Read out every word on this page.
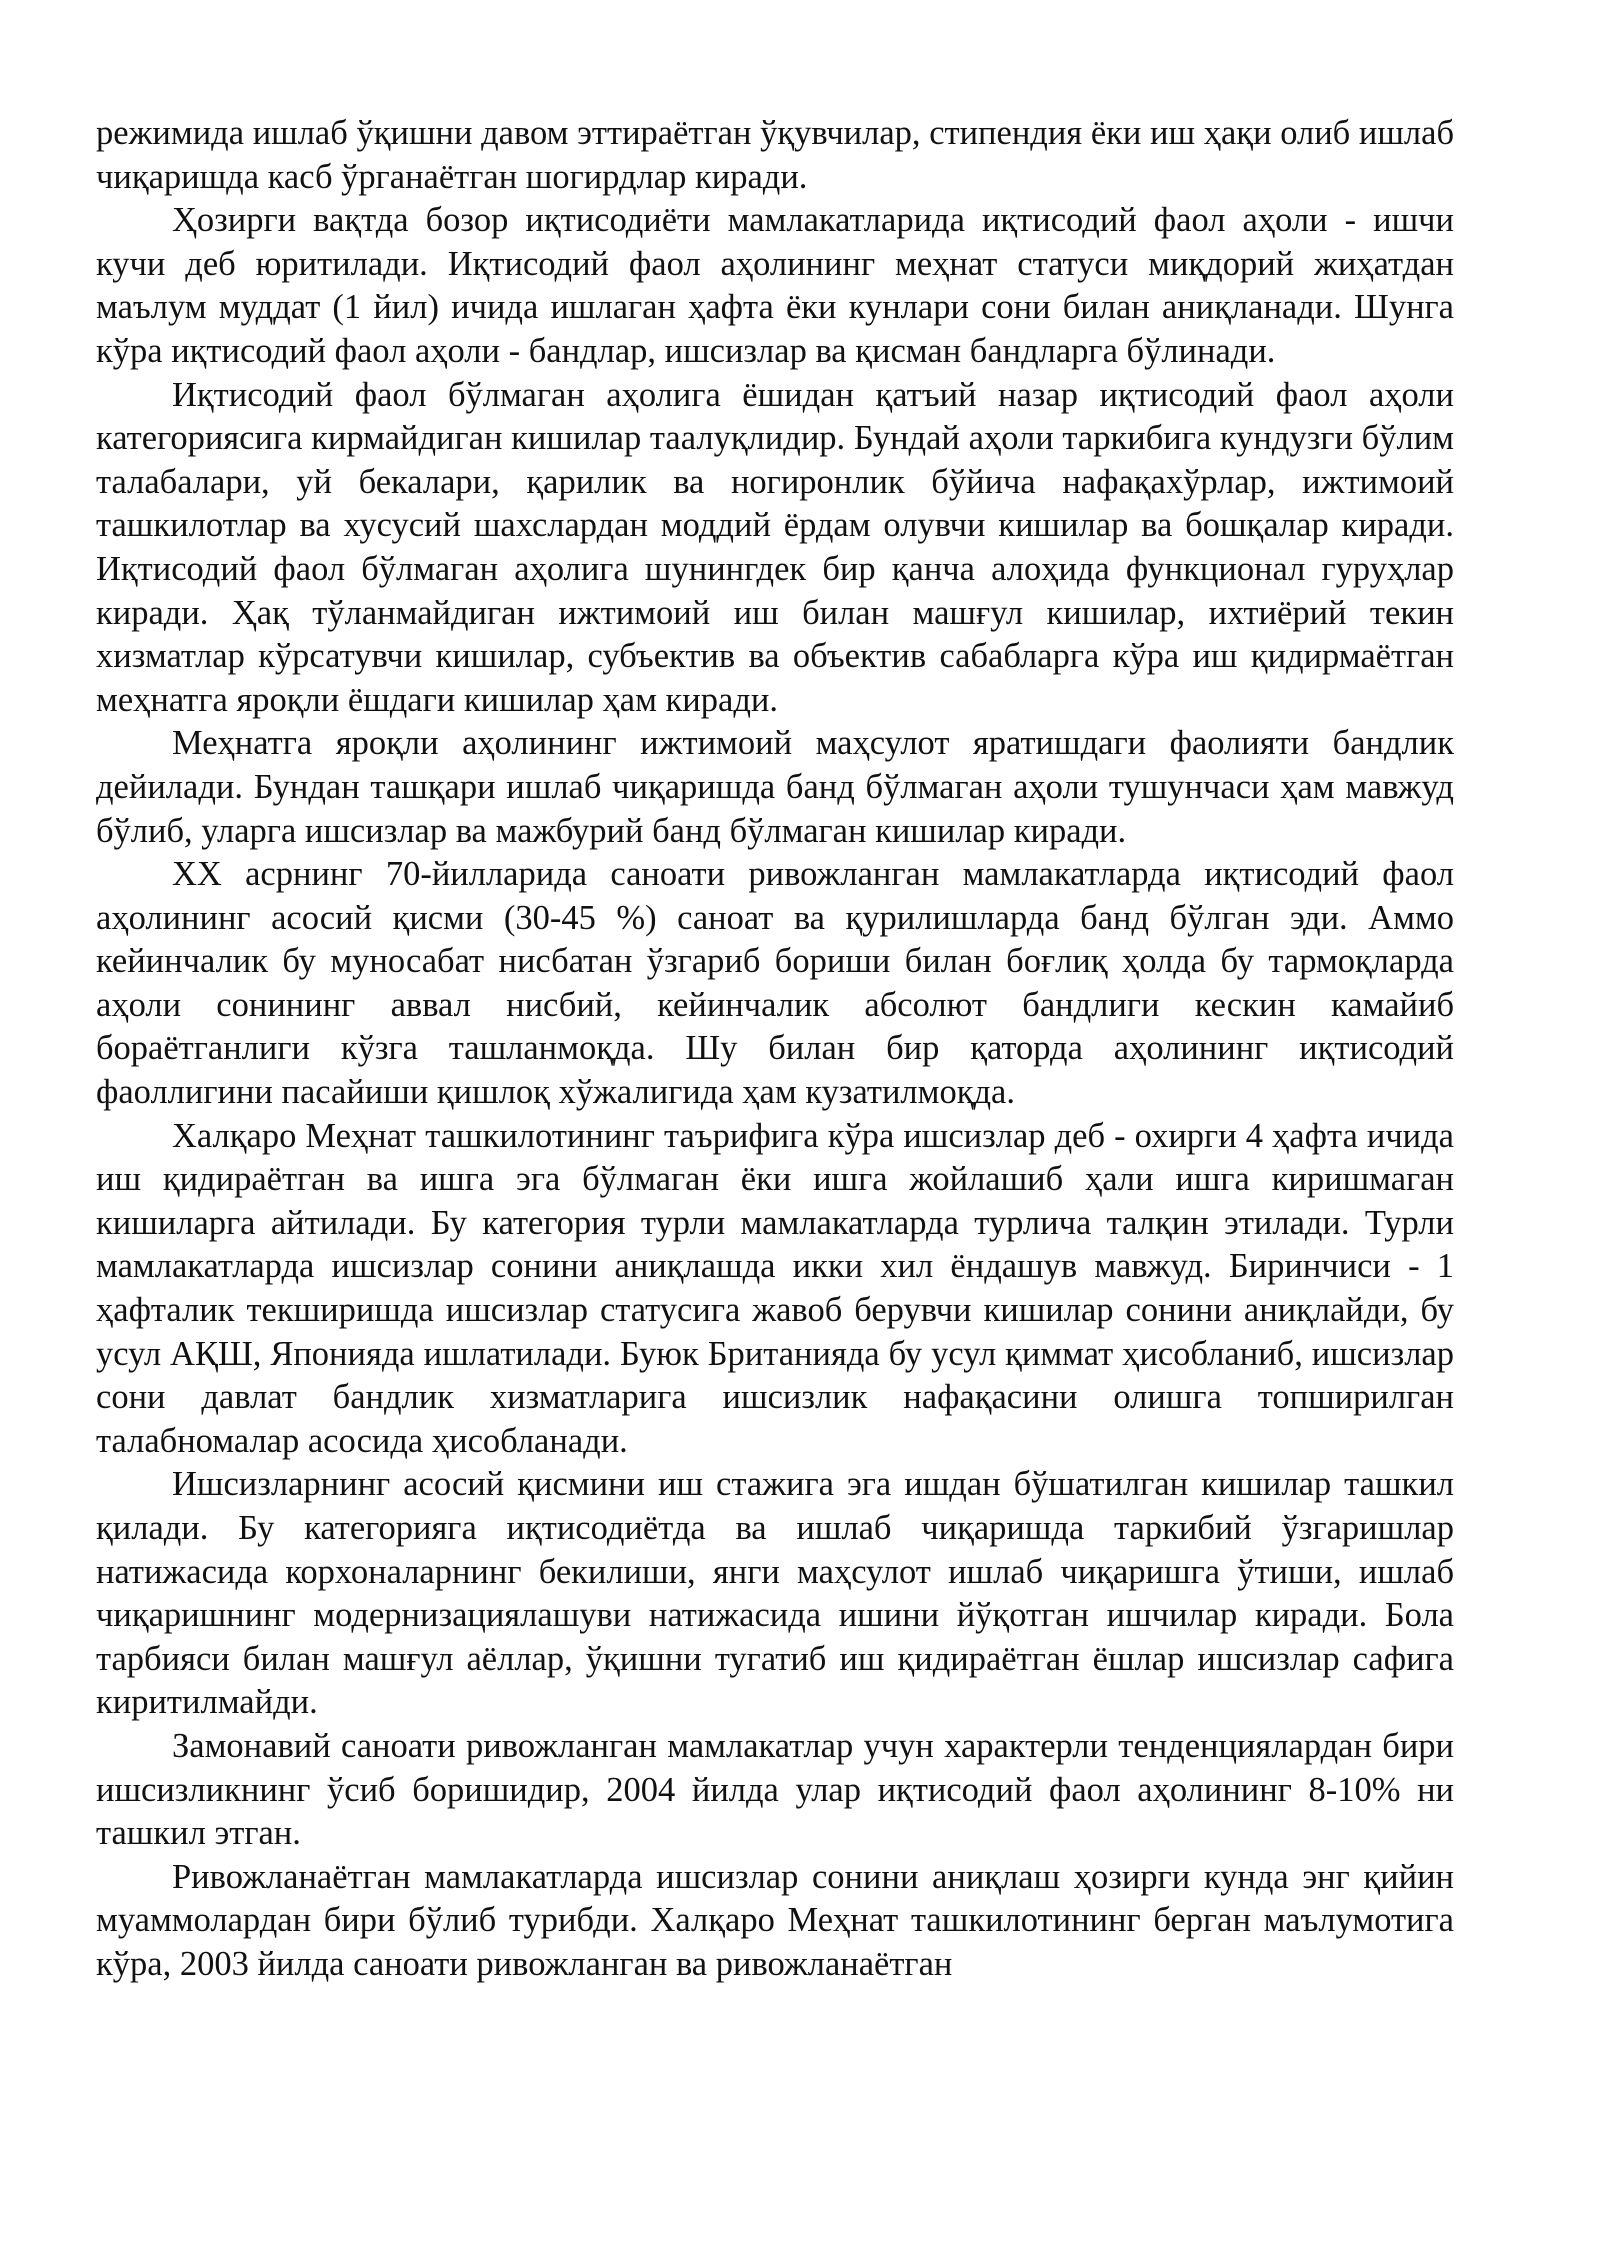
режимида ишлаб ўқишни давом эттираётган ўқувчилар, стипендия ёки иш ҳақи олиб ишлаб чиқаришда касб ўрганаётган шогирдлар киради.

Ҳозирги вақтда бозор иқтисодиёти мамлакатларида иқтисодий фаол аҳоли - ишчи кучи деб юритилади. Иқтисодий фаол аҳолининг меҳнат статуси миқдорий жиҳатдан маълум муддат (1 йил) ичида ишлаган ҳафта ёки кунлари сони билан аниқланади. Шунга кўра иқтисодий фаол аҳоли - бандлар, ишсизлар ва қисман бандларга бўлинади.

Иқтисодий фаол бўлмаган аҳолига ёшидан қатъий назар иқтисодий фаол аҳоли категориясига кирмайдиган кишилар таалуқлидир. Бундай аҳоли таркибига кундузги бўлим талабалари, уй бекалари, қарилик ва ногиронлик бўйича нафақахўрлар, ижтимоий ташкилотлар ва хусусий шахслардан моддий ёрдам олувчи кишилар ва бошқалар киради. Иқтисодий фаол бўлмаган аҳолига шунингдек бир қанча алоҳида функционал гуруҳлар киради. Ҳақ тўланмайдиган ижтимоий иш билан машғул кишилар, ихтиёрий текин хизматлар кўрсатувчи кишилар, субъектив ва объектив сабабларга кўра иш қидирмаётган меҳнатга яроқли ёшдаги кишилар ҳам киради.

Меҳнатга яроқли аҳолининг ижтимоий маҳсулот яратишдаги фаолияти бандлик дейилади. Бундан ташқари ишлаб чиқаришда банд бўлмаган аҳоли тушунчаси ҳам мавжуд бўлиб, уларга ишсизлар ва мажбурий банд бўлмаган кишилар киради.

XX асрнинг 70-йилларида саноати ривожланган мамлакатларда иқтисодий фаол аҳолининг асосий қисми (30-45 %) саноат ва қурилишларда банд бўлган эди. Аммо кейинчалик бу муносабат нисбатан ўзгариб бориши билан боғлиқ ҳолда бу тармоқларда аҳоли сонининг аввал нисбий, кейинчалик абсолют бандлиги кескин камайиб бораётганлиги кўзга ташланмоқда. Шу билан бир қаторда аҳолининг иқтисодий фаоллигини пасайиши қишлоқ хўжалигида ҳам кузатилмоқда.

Халқаро Меҳнат ташкилотининг таърифига кўра ишсизлар деб - охирги 4 ҳафта ичида иш қидираётган ва ишга эга бўлмаган ёки ишга жойлашиб ҳали ишга киришмаган кишиларга айтилади. Бу категория турли мамлакатларда турлича талқин этилади. Турли мамлакатларда ишсизлар сонини аниқлашда икки хил ёндашув мавжуд. Биринчиси - 1 ҳафталик текширишда ишсизлар статусига жавоб берувчи кишилар сонини аниқлайди, бу усул АҚШ, Японияда ишлатилади. Буюк Британияда бу усул қиммат ҳисобланиб, ишсизлар сони давлат бандлик хизматларига ишсизлик нафақасини олишга топширилган талабномалар асосида ҳисобланади.

Ишсизларнинг асосий қисмини иш стажига эга ишдан бўшатилган кишилар ташкил қилади. Бу категорияга иқтисодиётда ва ишлаб чиқаришда таркибий ўзгаришлар натижасида корхоналарнинг бекилиши, янги маҳсулот ишлаб чиқаришга ўтиши, ишлаб чиқаришнинг модернизациялашуви натижасида ишини йўқотган ишчилар киради. Бола тарбияси билан машғул аёллар, ўқишни тугатиб иш қидираётган ёшлар ишсизлар сафига киритилмайди.

Замонавий саноати ривожланган мамлакатлар учун характерли тенденциялардан бири ишсизликнинг ўсиб боришидир, 2004 йилда улар иқтисодий фаол аҳолининг 8-10% ни ташкил этган.

Ривожланаётган мамлакатларда ишсизлар сонини аниқлаш ҳозирги кунда энг қийин муаммолардан бири бўлиб турибди. Халқаро Меҳнат ташкилотининг берган маълумотига кўра, 2003 йилда саноати ривожланган ва ривожланаётган
